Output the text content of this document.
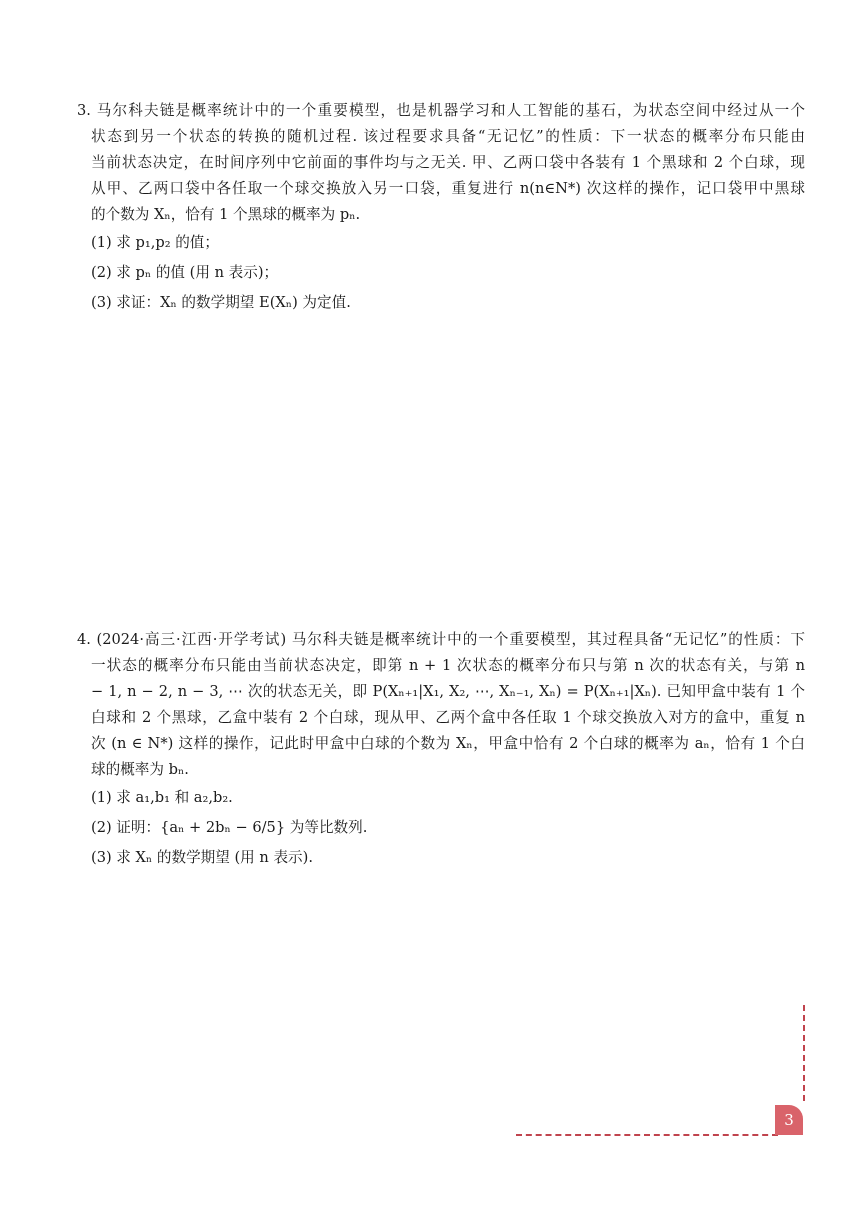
3. 马尔科夫链是概率统计中的一个重要模型，也是机器学习和人工智能的基石，为状态空间中经过从一个
状态到另一个状态的转换的随机过程. 该过程要求具备“无记忆”的性质：下一状态的概率分布只能由
当前状态决定，在时间序列中它前面的事件均与之无关. 甲、乙两口袋中各装有 1 个黑球和 2 个白球，现
从甲、乙两口袋中各任取一个球交换放入另一口袋，重复进行 n(n∈N*) 次这样的操作，记口袋甲中黑球
的个数为 Xₙ，恰有 1 个黑球的概率为 pₙ.
(1) 求 p₁,p₂ 的值；
(2) 求 pₙ 的值 (用 n 表示)；
(3) 求证：Xₙ 的数学期望 E(Xₙ) 为定值.
4. (2024·高三·江西·开学考试) 马尔科夫链是概率统计中的一个重要模型，其过程具备“无记忆”的性质：下
一状态的概率分布只能由当前状态决定，即第 n + 1 次状态的概率分布只与第 n 次的状态有关，与第 n
− 1, n − 2, n − 3, ⋯ 次的状态无关，即 P(Xₙ₊₁|X₁, X₂, ⋯, Xₙ₋₁, Xₙ) = P(Xₙ₊₁|Xₙ). 已知甲盒中装有 1 个
白球和 2 个黑球，乙盒中装有 2 个白球，现从甲、乙两个盒中各任取 1 个球交换放入对方的盒中，重复 n
次 (n ∈ N*) 这样的操作，记此时甲盒中白球的个数为 Xₙ，甲盒中恰有 2 个白球的概率为 aₙ，恰有 1 个白
球的概率为 bₙ.
(1) 求 a₁,b₁ 和 a₂,b₂.
(2) 证明：{aₙ + 2bₙ − 6/5} 为等比数列.
(3) 求 Xₙ 的数学期望 (用 n 表示).
3
